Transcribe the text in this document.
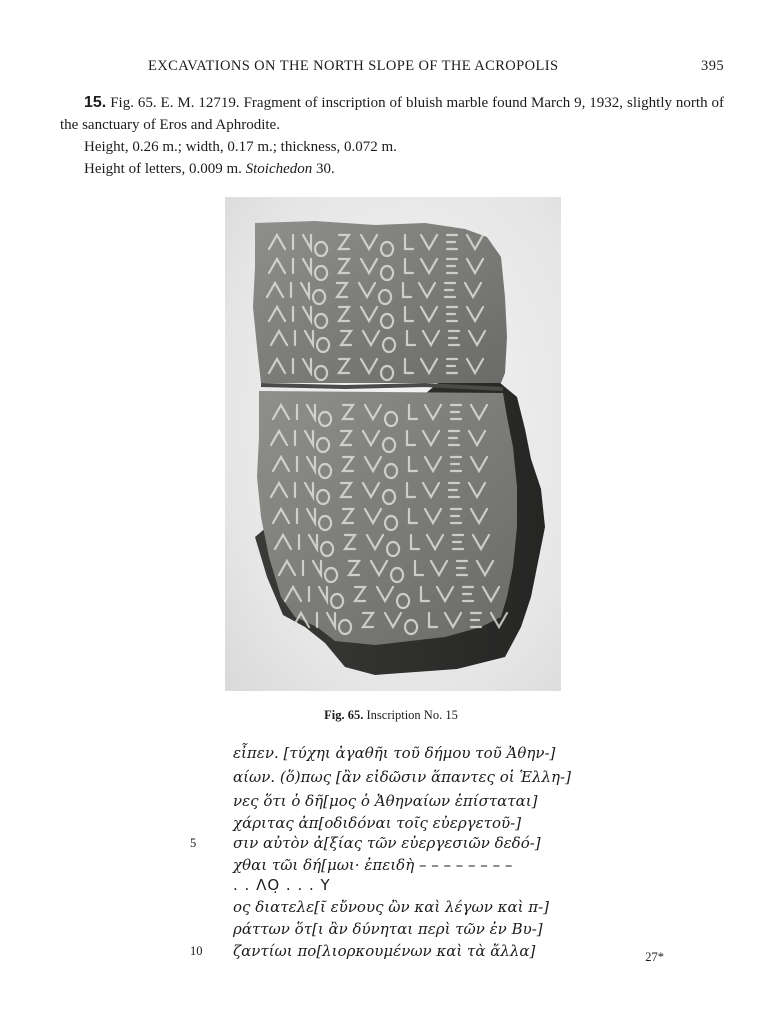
EXCAVATIONS ON THE NORTH SLOPE OF THE ACROPOLIS	395

15. Fig. 65. E. M. 12719. Fragment of inscription of bluish marble found March 9, 1932, slightly north of the sanctuary of Eros and Aphrodite.

Height, 0.26 m.; width, 0.17 m.; thickness, 0.072 m.

Height of letters, 0.009 m. Stoichedon 30.

Fig. 65. Inscription No. 15
εἶπεν. [τύχηι ἀγαθῆι τοῦ δήμου τοῦ Ἀθην-]
αίων. (ὅ)πως [ἂν εἰδῶσιν ἅπαντες οἱ Ἑλλη-]
νες ὅτι ὁ δῆ[μος ὁ Ἀθηναίων ἐπίσταται]
χάριτας ἀπ[οδιδόναι τοῖς εὐεργετοῦ-]
σιν αὐτὸν ἀ[ξίας τῶν εὐεργεσιῶν δεδό-]
χθαι τῶι δή[μωι· ἐπειδὴ – – – – – – – –
. . ΛΟ̣ . . . Υ
ος διατελε[ῖ εὔνους ὢν καὶ λέγων καὶ π-]
ράττων ὅτ[ι ἂν δύνηται περὶ τῶν ἐν Βυ-]
ζαντίωι πο[λιορκουμένων καὶ τὰ ἄλλα]
5
10	27*
